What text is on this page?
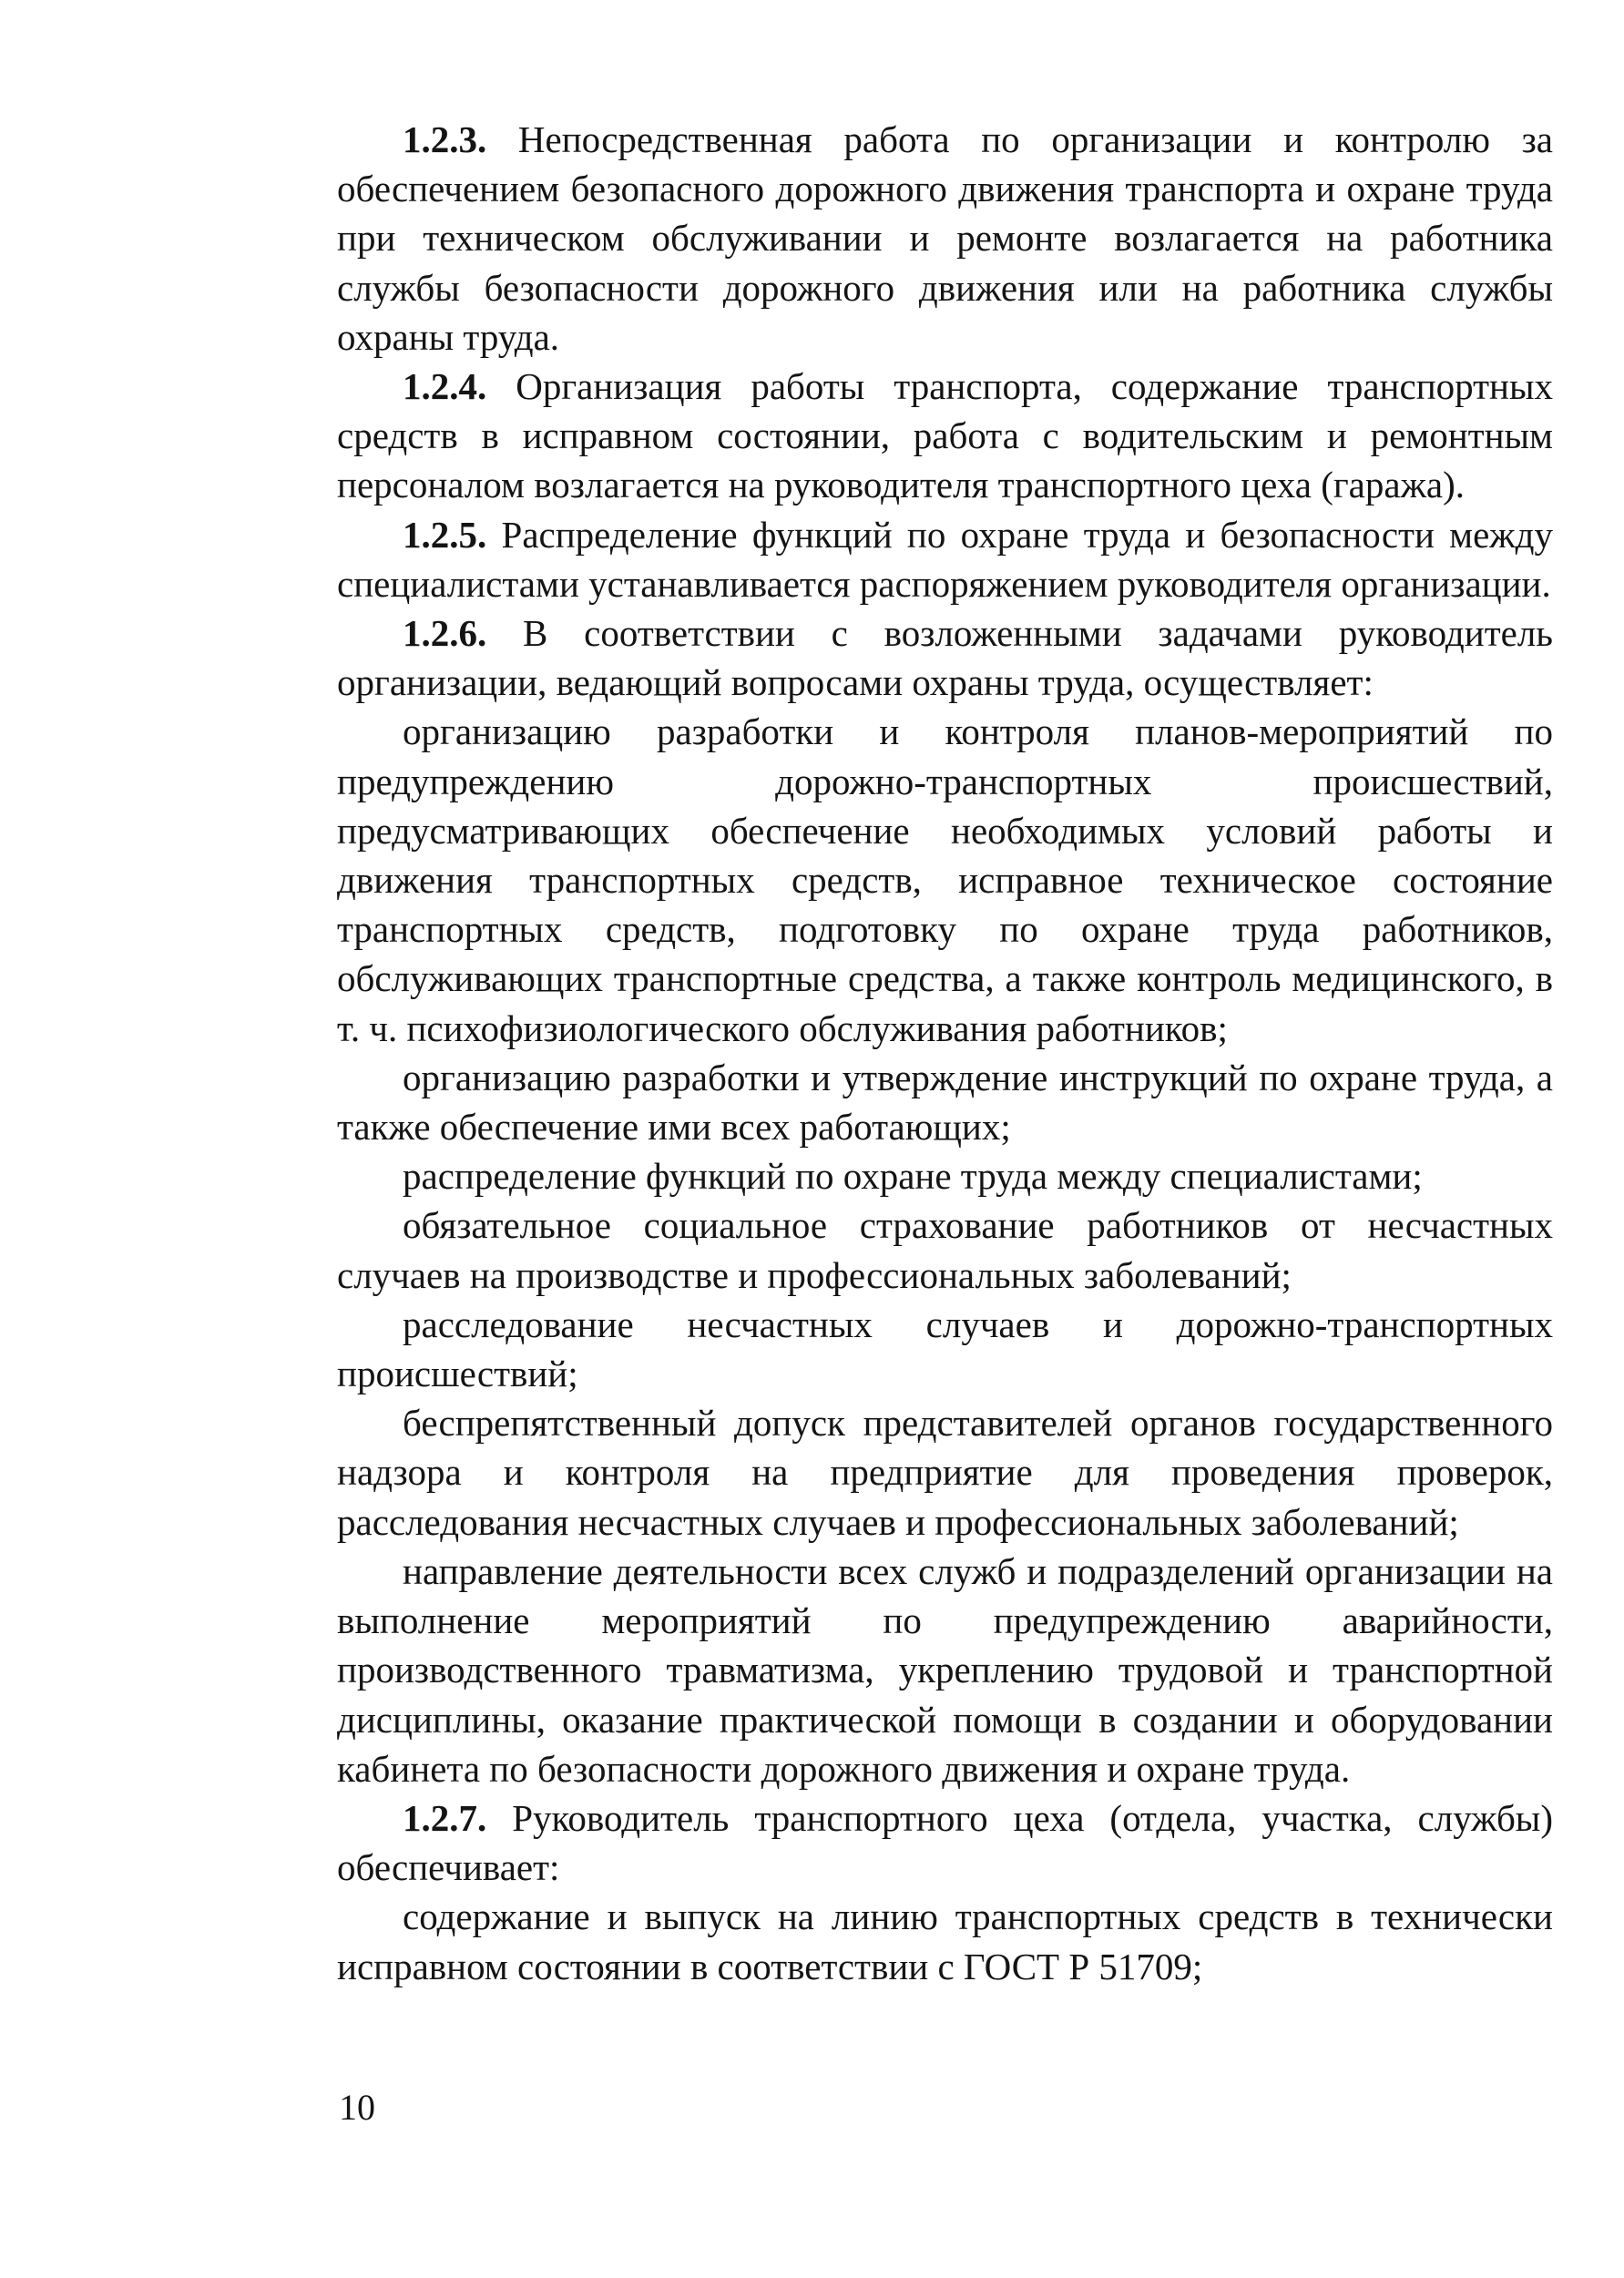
1.2.3. Непосредственная работа по организации и контролю за обеспечением безопасного дорожного движения транспорта и охране труда при техническом обслуживании и ремонте возлагается на работника службы безопасности дорожного движения или на работника службы охраны труда.

1.2.4. Организация работы транспорта, содержание транспортных средств в исправном состоянии, работа с водительским и ремонтным персоналом возлагается на руководителя транспортного цеха (гаража).

1.2.5. Распределение функций по охране труда и безопасности между специалистами устанавливается распоряжением руководителя организации.

1.2.6. В соответствии с возложенными задачами руководитель организации, ведающий вопросами охраны труда, осуществляет:

организацию разработки и контроля планов-мероприятий по предупреждению дорожно-транспортных происшествий, предусматривающих обеспечение необходимых условий работы и движения транспортных средств, исправное техническое состояние транспортных средств, подготовку по охране труда работников, обслуживающих транспортные средства, а также контроль медицинского, в т. ч. психофизиологического обслуживания работников;

организацию разработки и утверждение инструкций по охране труда, а также обеспечение ими всех работающих;

распределение функций по охране труда между специалистами;

обязательное социальное страхование работников от несчастных случаев на производстве и профессиональных заболеваний;

расследование несчастных случаев и дорожно-транспортных происшествий;

беспрепятственный допуск представителей органов государственного надзора и контроля на предприятие для проведения проверок, расследования несчастных случаев и профессиональных заболеваний;

направление деятельности всех служб и подразделений организации на выполнение мероприятий по предупреждению аварийности, производственного травматизма, укреплению трудовой и транспортной дисциплины, оказание практической помощи в создании и оборудовании кабинета по безопасности дорожного движения и охране труда.

1.2.7. Руководитель транспортного цеха (отдела, участка, службы) обеспечивает:

содержание и выпуск на линию транспортных средств в технически исправном состоянии в соответствии с ГОСТ Р 51709;

10
